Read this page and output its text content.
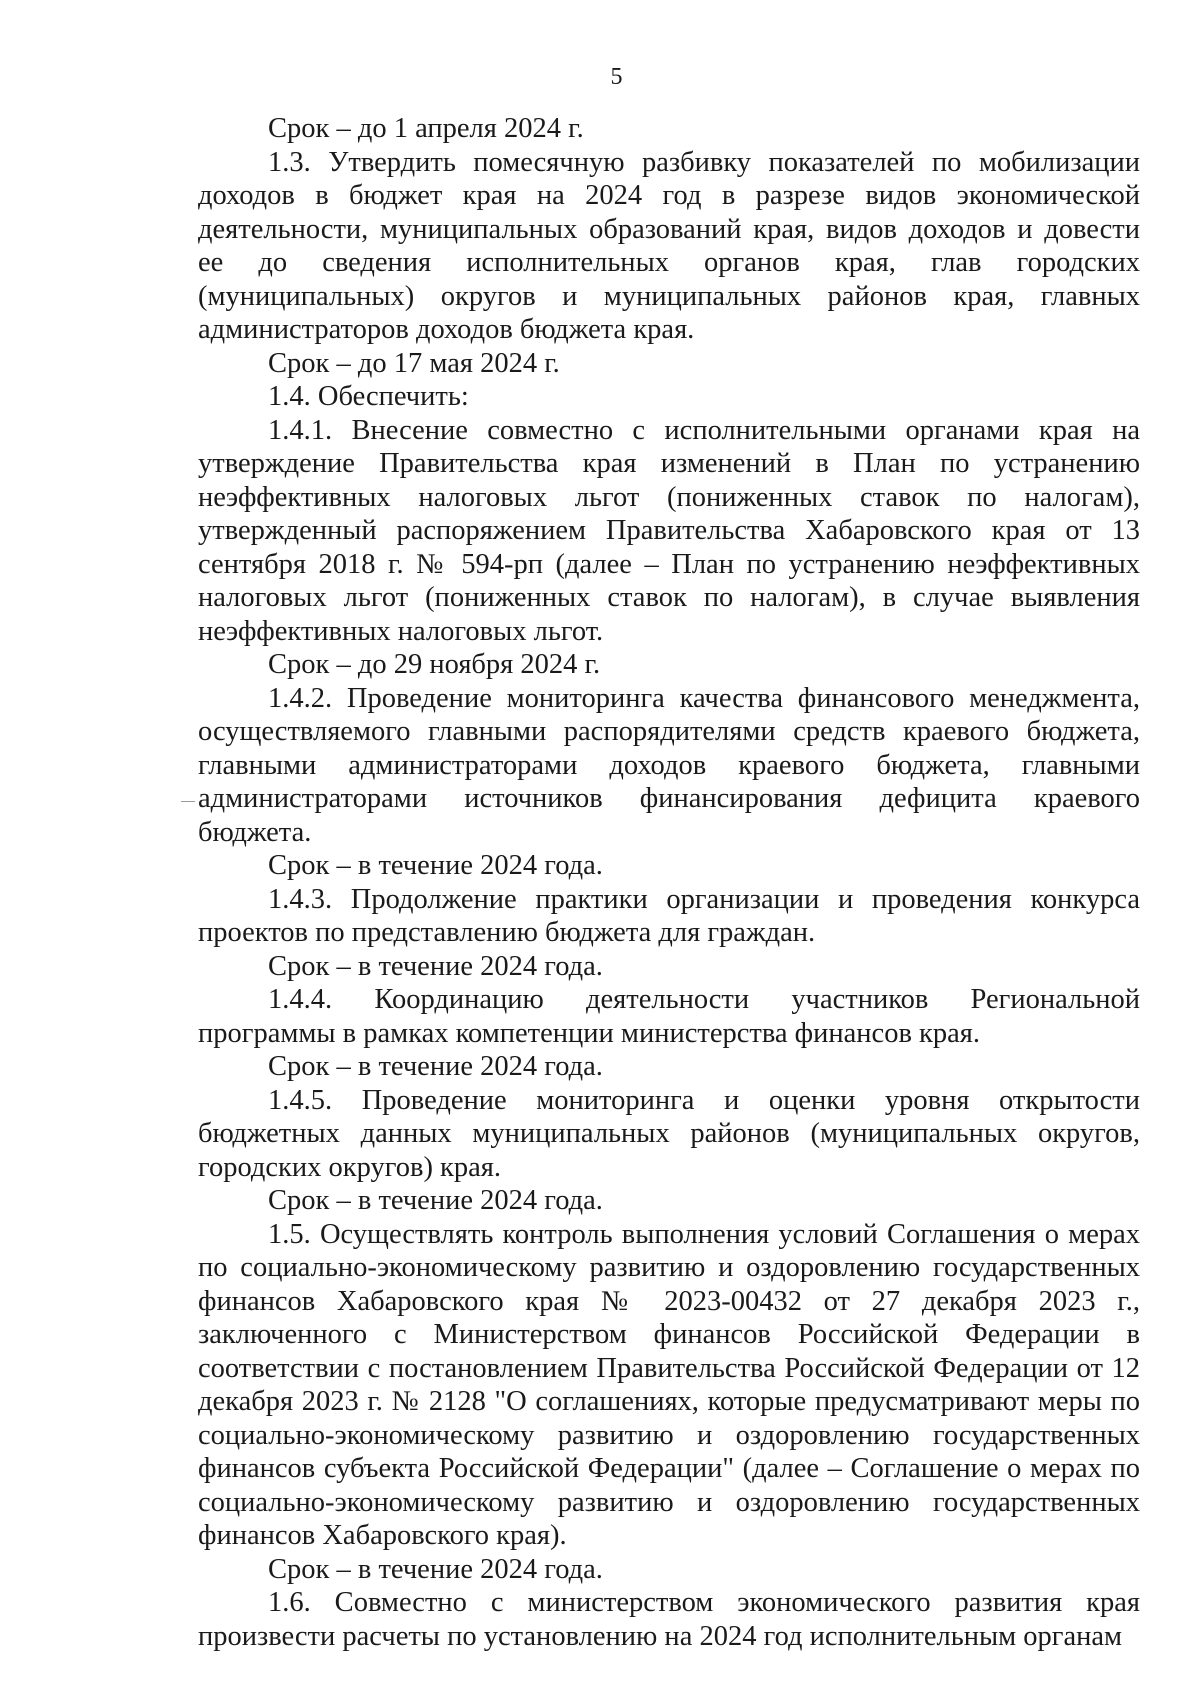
5

Срок – до 1 апреля 2024 г.

1.3. Утвердить помесячную разбивку показателей по мобилизации доходов в бюджет края на 2024 год в разрезе видов экономической деятельности, муниципальных образований края, видов доходов и довести ее до сведения исполнительных органов края, глав городских (муниципальных) округов и муниципальных районов края, главных администраторов доходов бюджета края.

Срок – до 17 мая 2024 г.

1.4. Обеспечить:

1.4.1. Внесение совместно с исполнительными органами края на утверждение Правительства края изменений в План по устранению неэффективных налоговых льгот (пониженных ставок по налогам), утвержденный распоряжением Правительства Хабаровского края от 13 сентября 2018 г. № 594-рп (далее – План по устранению неэффективных налоговых льгот (пониженных ставок по налогам), в случае выявления неэффективных налоговых льгот.

Срок – до 29 ноября 2024 г.

1.4.2. Проведение мониторинга качества финансового менеджмента, осуществляемого главными распорядителями средств краевого бюджета, главными администраторами доходов краевого бюджета, главными администраторами источников финансирования дефицита краевого бюджета.

Срок – в течение 2024 года.

1.4.3. Продолжение практики организации и проведения конкурса проектов по представлению бюджета для граждан.

Срок – в течение 2024 года.

1.4.4. Координацию деятельности участников Региональной программы в рамках компетенции министерства финансов края.

Срок – в течение 2024 года.

1.4.5. Проведение мониторинга и оценки уровня открытости бюджетных данных муниципальных районов (муниципальных округов, городских округов) края.

Срок – в течение 2024 года.

1.5. Осуществлять контроль выполнения условий Соглашения о мерах по социально-экономическому развитию и оздоровлению государственных финансов Хабаровского края № 2023-00432 от 27 декабря 2023 г., заключенного с Министерством финансов Российской Федерации в соответствии с постановлением Правительства Российской Федерации от 12 декабря 2023 г. № 2128 "О соглашениях, которые предусматривают меры по социально-экономическому развитию и оздоровлению государственных финансов субъекта Российской Федерации" (далее – Соглашение о мерах по социально-экономическому развитию и оздоровлению государственных финансов Хабаровского края).

Срок – в течение 2024 года.

1.6. Совместно с министерством экономического развития края произвести расчеты по установлению на 2024 год исполнительным органам
